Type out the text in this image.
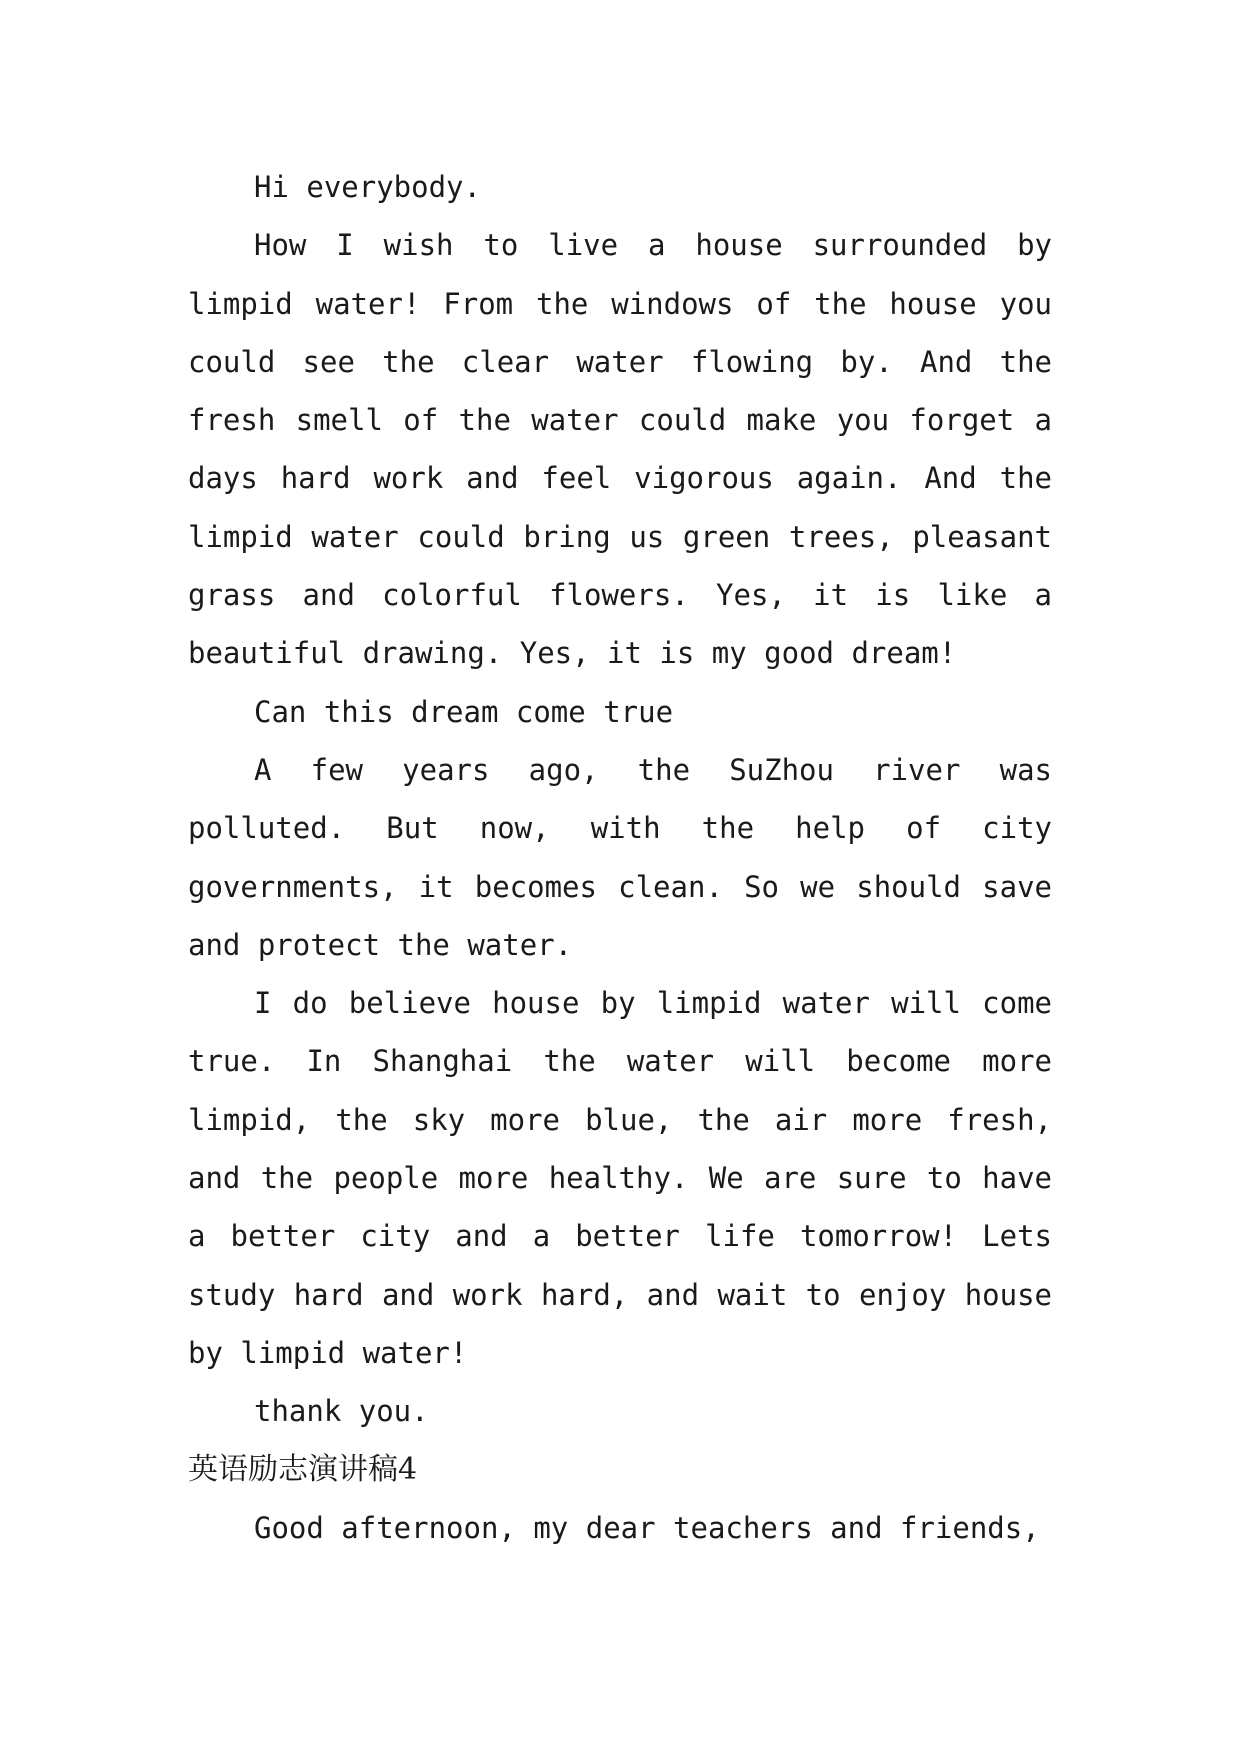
Hi everybody.

How I wish to live a house surrounded by limpid water! From the windows of the house you could see the clear water flowing by. And the fresh smell of the water could make you forget a days hard work and feel vigorous again. And the limpid water could bring us green trees, pleasant grass and colorful flowers. Yes, it is like a beautiful drawing. Yes, it is my good dream!

Can this dream come true

A few years ago, the SuZhou river was polluted. But now, with the help of city governments, it becomes clean. So we should save and protect the water.

I do believe house by limpid water will come true. In Shanghai the water will become more limpid, the sky more blue, the air more fresh, and the people more healthy. We are sure to have a better city and a better life tomorrow! Lets study hard and work hard, and wait to enjoy house by limpid water!

thank you.

英语励志演讲稿4

Good afternoon, my dear teachers and friends,
